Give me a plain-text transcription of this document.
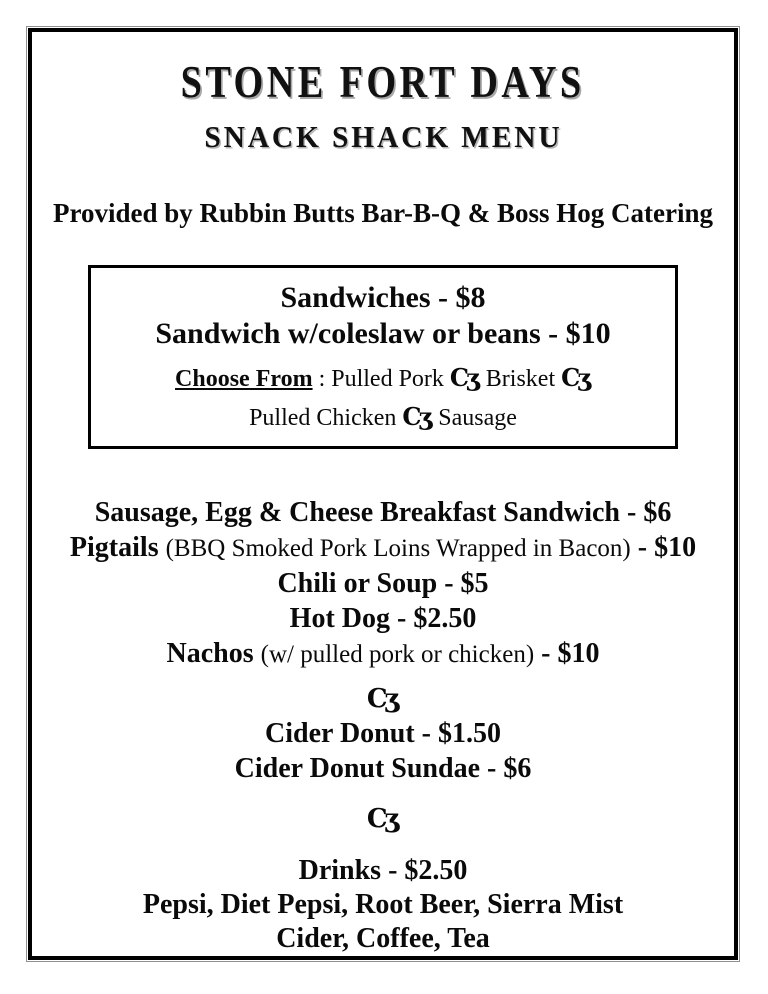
STONE FORT DAYS
SNACK SHACK MENU

Provided by Rubbin Butts Bar-B-Q & Boss Hog Catering

Sandwiches - $8

Sandwich w/coleslaw or beans - $10

Choose From : Pulled Pork Cʒ Brisket Cʒ

Pulled Chicken Cʒ Sausage

Sausage, Egg & Cheese Breakfast Sandwich - $6

Pigtails (BBQ Smoked Pork Loins Wrapped in Bacon) - $10

Chili or Soup - $5

Hot Dog - $2.50

Nachos (w/ pulled pork or chicken) - $10

Cʒ

Cider Donut - $1.50

Cider Donut Sundae - $6

Cʒ

Drinks - $2.50

Pepsi, Diet Pepsi, Root Beer, Sierra Mist

Cider, Coffee, Tea
